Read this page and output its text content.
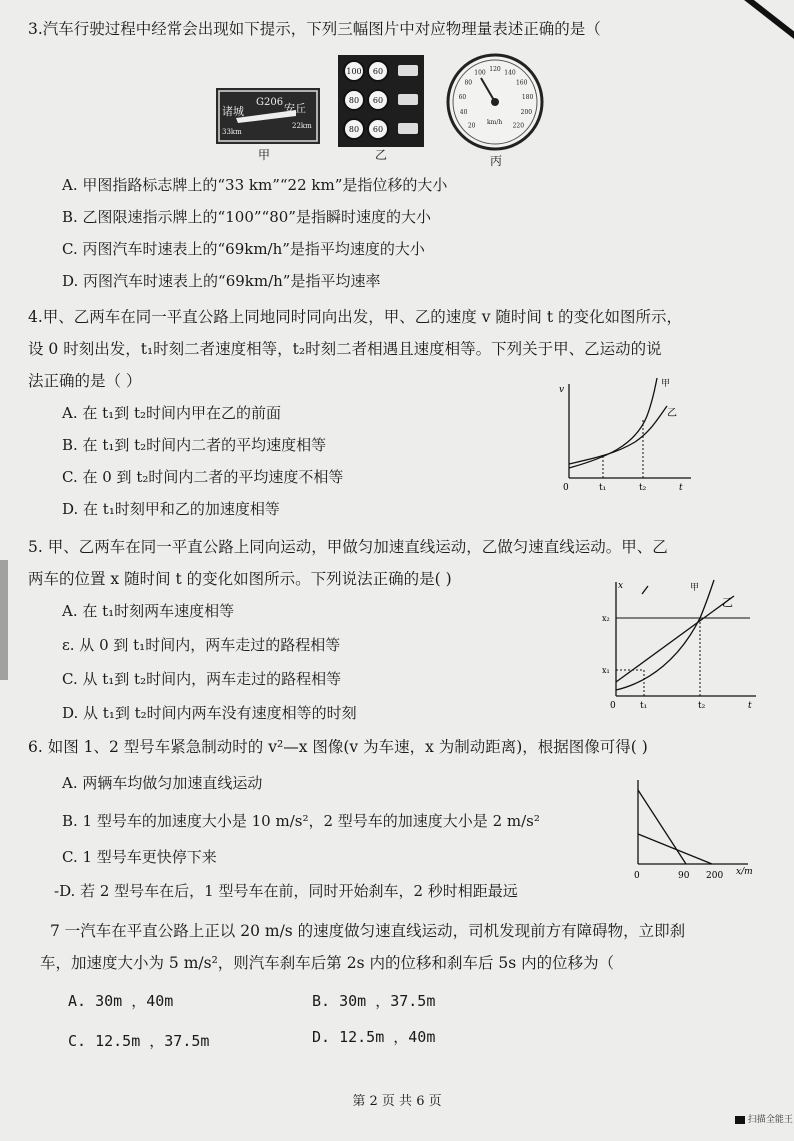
3.汽车行驶过程中经常会出现如下提示，下列三幅图片中对应物理量表述正确的是（
G206
诸城	安丘
33km
22km
100 60
80 60
80 60	20
40
60
80
100
120
140
160
180
200
220
km/h
甲	乙	丙
A. 甲图指路标志牌上的“33 km”“22 km”是指位移的大小
B. 乙图限速指示牌上的“100”“80”是指瞬时速度的大小
C. 丙图汽车时速表上的“69km/h”是指平均速度的大小
D. 丙图汽车时速表上的“69km/h”是指平均速率
4.甲、乙两车在同一平直公路上同地同时同向出发，甲、乙的速度 v 随时间 t 的变化如图所示，
设 0 时刻出发，t₁时刻二者速度相等，t₂时刻二者相遇且速度相等。下列关于甲、乙运动的说
法正确的是（ ）
A. 在 t₁到 t₂时间内甲在乙的前面
B. 在 t₁到 t₂时间内二者的平均速度相等
C. 在 0 到 t₂时间内二者的平均速度不相等
D. 在 t₁时刻甲和乙的加速度相等
v
0	t₁	t₂	t
甲
乙
5. 甲、乙两车在同一平直公路上同向运动，甲做匀加速直线运动，乙做匀速直线运动。甲、乙
两车的位置 x 随时间 t 的变化如图所示。下列说法正确的是( )
A. 在 t₁时刻两车速度相等
ɛ. 从 0 到 t₁时间内，两车走过的路程相等
C. 从 t₁到 t₂时间内，两车走过的路程相等
D. 从 t₁到 t₂时间内两车没有速度相等的时刻
x
x₂
x₁
0	t₁	t₂	t
甲
乙
6. 如图 1、2 型号车紧急制动时的 v²—x 图像(v 为车速，x 为制动距离)，根据图像可得( )
A. 两辆车均做匀加速直线运动
B. 1 型号车的加速度大小是 10 m/s²，2 型号车的加速度大小是 2 m/s²
C. 1 型号车更快停下来
-D. 若 2 型号车在后，1 型号车在前，同时开始刹车，2 秒时相距最远
0	90 200 x/m
7 一汽车在平直公路上正以 20 m/s 的速度做匀速直线运动，司机发现前方有障碍物，立即刹
车，加速度大小为 5 m/s²，则汽车刹车后第 2s 内的位移和刹车后 5s 内的位移为（
A. 30m ，40m	B. 30m ，37.5m
C. 12.5m ，37.5m	D. 12.5m ，40m
第 2 页 共 6 页
扫描全能王
